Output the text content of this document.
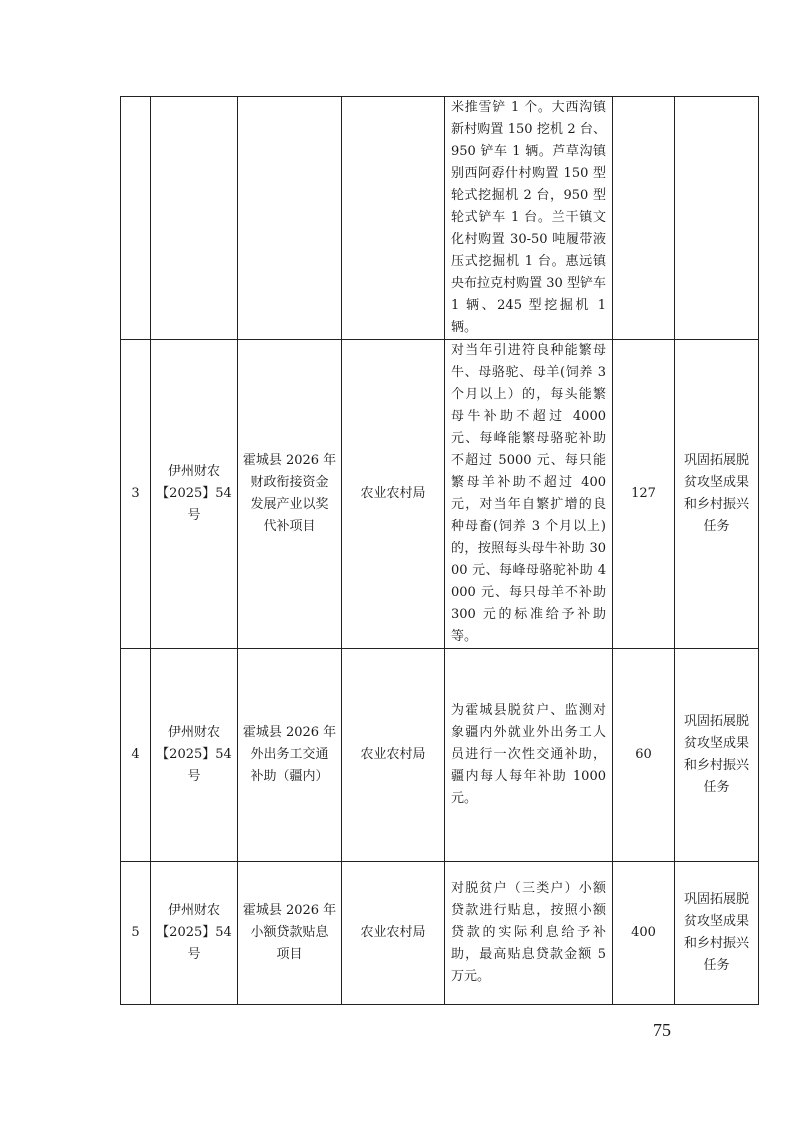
				米推雪铲 1 个。大西沟镇新村购置 150 挖机 2 台、950 铲车 1 辆。芦草沟镇别西阿孬什村购置 150 型轮式挖掘机 2 台，950 型轮式铲车 1 台。兰干镇文化村购置 30-50 吨履带液压式挖掘机 1 台。惠远镇央布拉克村购置 30 型铲车 1 辆、245 型挖掘机 1 辆。		
3	伊州财农
【2025】54
号	霍城县 2026 年
财政衔接资金
发展产业以奖
代补项目	农业农村局	对当年引进符良种能繁母牛、母骆驼、母羊(饲养 3 个月以上）的，每头能繁母牛补助不超过 4000 元、每峰能繁母骆驼补助不超过 5000 元、每只能繁母羊补助不超过 400 元，对当年自繁扩增的良种母畜(饲养 3 个月以上)的，按照每头母牛补助 3000 元、每峰母骆驼补助 4000 元、每只母羊不补助 300 元的标准给予补助等。	127	巩固拓展脱
贫攻坚成果
和乡村振兴
任务
4	伊州财农
【2025】54
号	霍城县 2026 年
外出务工交通
补助（疆内）	农业农村局	为霍城县脱贫户、监测对象疆内外就业外出务工人员进行一次性交通补助，疆内每人每年补助 1000 元。	60	巩固拓展脱
贫攻坚成果
和乡村振兴
任务
5	伊州财农
【2025】54
号	霍城县 2026 年
小额贷款贴息
项目	农业农村局	对脱贫户（三类户）小额贷款进行贴息，按照小额贷款的实际利息给予补助，最高贴息贷款金额 5 万元。	400	巩固拓展脱
贫攻坚成果
和乡村振兴
任务
75
